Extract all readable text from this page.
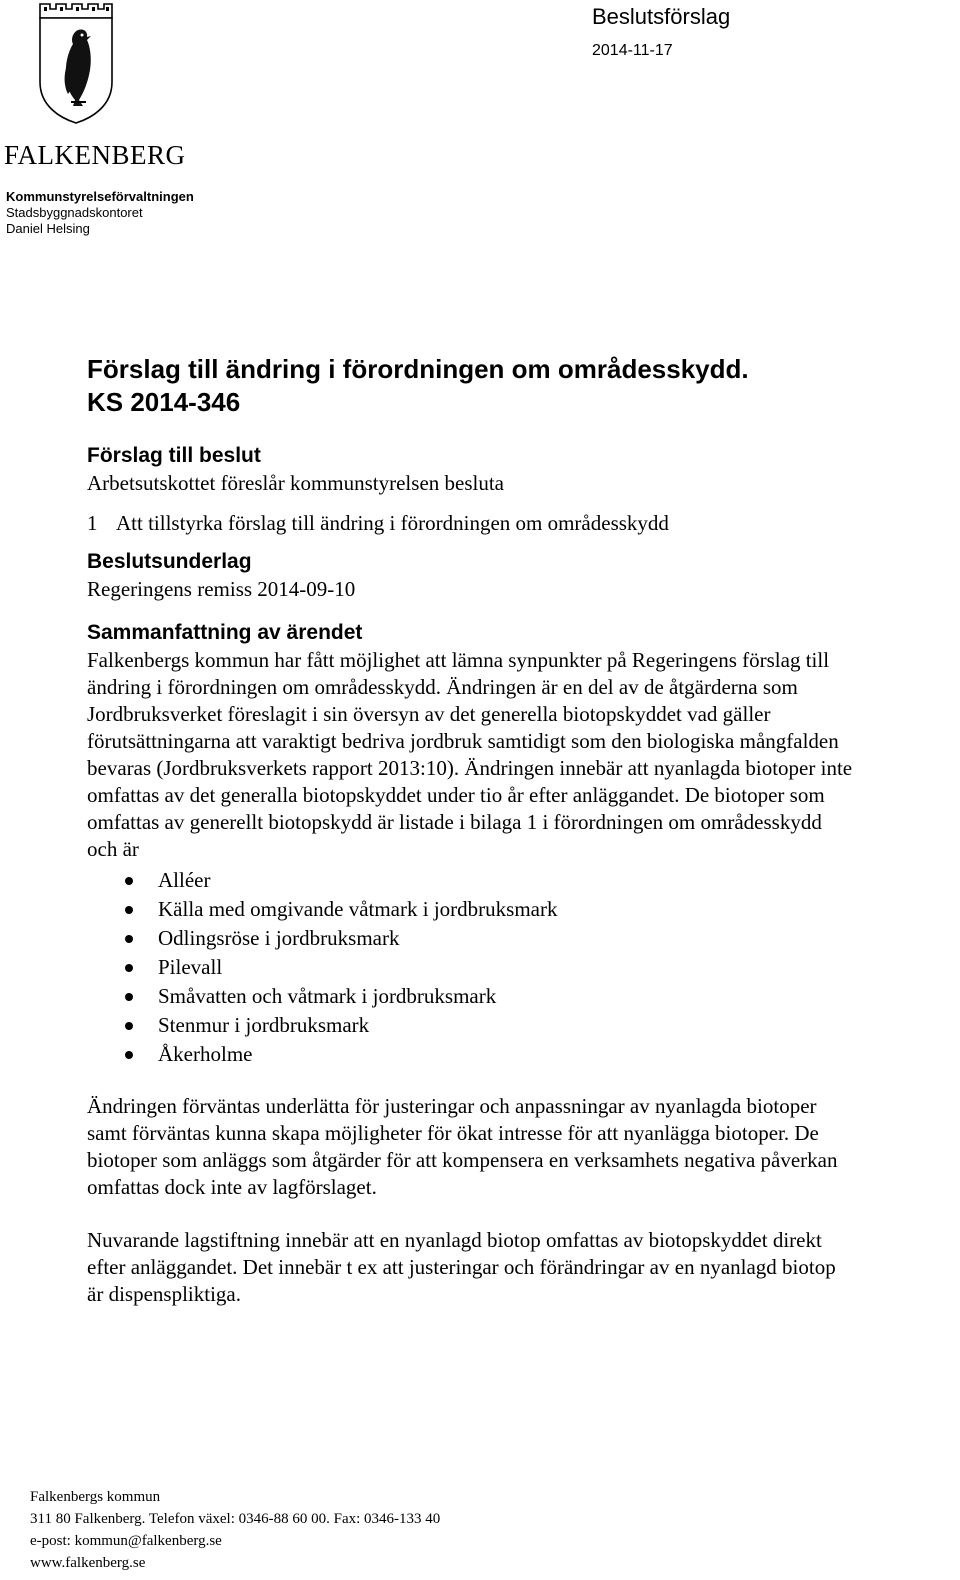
FALKENBERG
Kommunstyrelseförvaltningen
Stadsbyggnadskontoret
Daniel Helsing
Beslutsförslag
2014-11-17
Förslag till ändring i förordningen om områdesskydd.
KS 2014-346
Förslag till beslut
Arbetsutskottet föreslår kommunstyrelsen besluta
1 Att tillstyrka förslag till ändring i förordningen om områdesskydd
Beslutsunderlag
Regeringens remiss 2014-09-10
Sammanfattning av ärendet
Falkenbergs kommun har fått möjlighet att lämna synpunkter på Regeringens förslag till
ändring i förordningen om områdesskydd. Ändringen är en del av de åtgärderna som
Jordbruksverket föreslagit i sin översyn av det generella biotopskyddet vad gäller
förutsättningarna att varaktigt bedriva jordbruk samtidigt som den biologiska mångfalden
bevaras (Jordbruksverkets rapport 2013:10). Ändringen innebär att nyanlagda biotoper inte
omfattas av det generalla biotopskyddet under tio år efter anläggandet. De biotoper som
omfattas av generellt biotopskydd är listade i bilaga 1 i förordningen om områdesskydd
och är
Alléer
Källa med omgivande våtmark i jordbruksmark
Odlingsröse i jordbruksmark
Pilevall
Småvatten och våtmark i jordbruksmark
Stenmur i jordbruksmark
Åkerholme
Ändringen förväntas underlätta för justeringar och anpassningar av nyanlagda biotoper
samt förväntas kunna skapa möjligheter för ökat intresse för att nyanlägga biotoper. De
biotoper som anläggs som åtgärder för att kompensera en verksamhets negativa påverkan
omfattas dock inte av lagförslaget.
Nuvarande lagstiftning innebär att en nyanlagd biotop omfattas av biotopskyddet direkt
efter anläggandet. Det innebär t ex att justeringar och förändringar av en nyanlagd biotop
är dispenspliktiga.
Falkenbergs kommun
311 80 Falkenberg. Telefon växel: 0346-88 60 00. Fax: 0346-133 40
e-post: kommun@falkenberg.se
www.falkenberg.se
